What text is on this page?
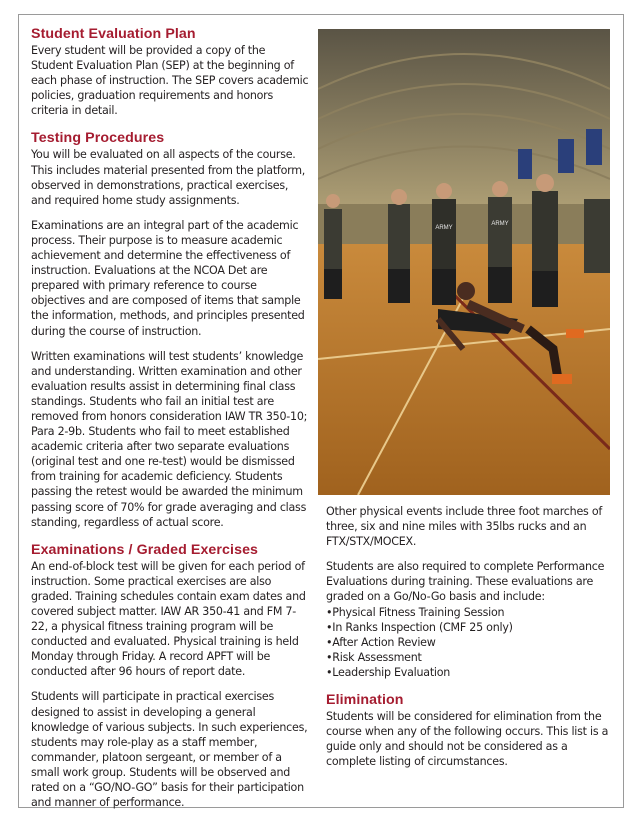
Student Evaluation Plan

Every student will be provided a copy of the Student Evaluation Plan (SEP) at the beginning of each phase of instruction. The SEP covers academic policies, graduation requirements and honors criteria in detail.

Testing Procedures

You will be evaluated on all aspects of the course. This includes material presented from the platform, observed in demonstrations, practical exercises, and required home study assignments.

Examinations are an integral part of the academic process. Their purpose is to measure academic achievement and determine the effectiveness of instruction. Evaluations at the NCOA Det are prepared with primary reference to course objectives and are composed of items that sample the information, methods, and principles presented during the course of instruction.

Written examinations will test students’ knowledge and understanding. Written examination and other evaluation results assist in determining final class standings. Students who fail an initial test are removed from honors consideration IAW TR 350-10; Para 2-9b. Students who fail to meet established academic criteria after two separate evaluations (original test and one re-test) would be dismissed from training for academic deficiency. Students passing the retest would be awarded the minimum passing score of 70% for grade averaging and class standing, regardless of actual score.

Examinations / Graded Exercises

An end-of-block test will be given for each period of instruction. Some practical exercises are also graded. Training schedules contain exam dates and covered subject matter. IAW AR 350-41 and FM 7-22, a physical fitness training program will be conducted and evaluated. Physical training is held Monday through Friday. A record APFT will be conducted after 96 hours of report date.

Students will participate in practical exercises designed to assist in developing a general knowledge of various subjects. In such experiences, students may role-play as a staff member, commander, platoon sergeant, or member of a small work group. Students will be observed and rated on a “GO/NO-GO” basis for their participation and manner of performance.

ARMY
ARMY

Other physical events include three foot marches of three, six and nine miles with 35lbs rucks and an FTX/STX/MOCEX.

Students are also required to complete Performance Evaluations during training. These evaluations are graded on a Go/No-Go basis and include:

• Physical Fitness Training Session
• In Ranks Inspection (CMF 25 only)
• After Action Review
• Risk Assessment
• Leadership Evaluation
Elimination

Students will be considered for elimination from the course when any of the following occurs. This list is a guide only and should not be considered as a complete listing of circumstances.
